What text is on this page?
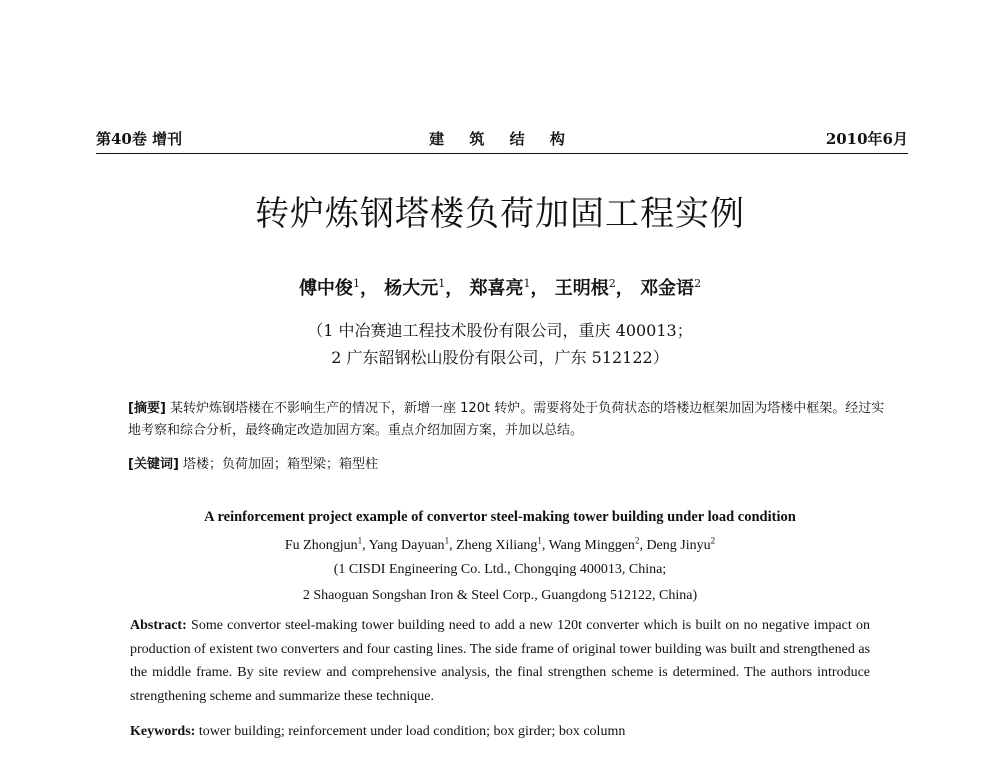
第40卷 增刊	建 筑 结 构	2010年6月
转炉炼钢塔楼负荷加固工程实例
傅中俊$^1$， 杨大元$^1$， 郑喜亮$^1$， 王明根$^2$， 邓金语$^2$
（1 中冶赛迪工程技术股份有限公司，重庆 400013；
2 广东韶钢松山股份有限公司，广东 512122）
[摘要] 某转炉炼钢塔楼在不影响生产的情况下，新增一座 120t 转炉。需要将处于负荷状态的塔楼边框架加固为塔楼中框架。经过实地考察和综合分析，最终确定改造加固方案。重点介绍加固方案，并加以总结。
[关键词] 塔楼；负荷加固；箱型梁；箱型柱
A reinforcement project example of convertor steel-making tower building under load condition
Fu Zhongjun$^1$, Yang Dayuan$^1$, Zheng Xiliang$^1$, Wang Minggen$^2$, Deng Jinyu$^2$
(1 CISDI Engineering Co. Ltd., Chongqing 400013, China;
2 Shaoguan Songshan Iron & Steel Corp., Guangdong 512122, China)
Abstract: Some convertor steel-making tower building need to add a new 120t converter which is built on no negative impact on production of existent two converters and four casting lines. The side frame of original tower building was built and strengthened as the middle frame. By site review and comprehensive analysis, the final strengthen scheme is determined. The authors introduce strengthening scheme and summarize these technique.
Keywords: tower building; reinforcement under load condition; box girder; box column
